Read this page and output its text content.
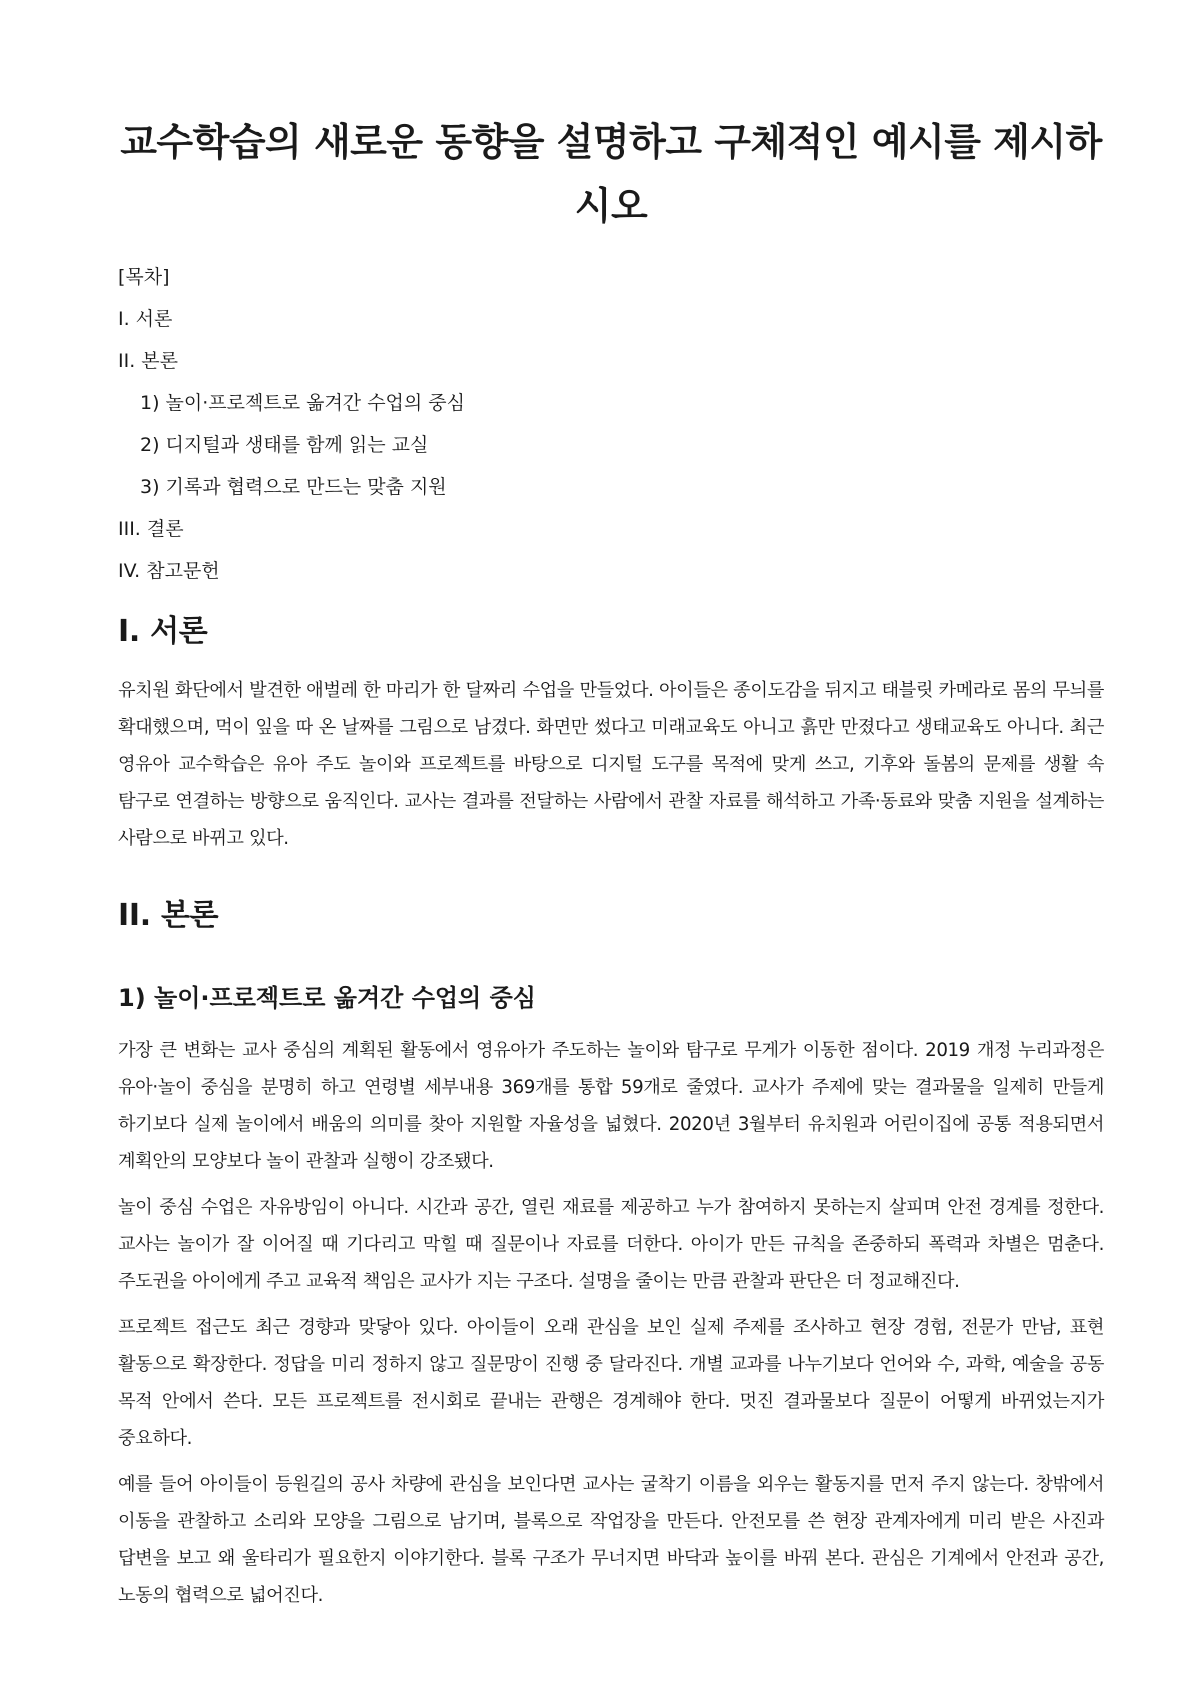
교수학습의 새로운 동향을 설명하고 구체적인 예시를 제시하시오
[목차]
I. 서론
II. 본론
1) 놀이·프로젝트로 옮겨간 수업의 중심
2) 디지털과 생태를 함께 읽는 교실
3) 기록과 협력으로 만드는 맞춤 지원
III. 결론
IV. 참고문헌
I. 서론

유치원 화단에서 발견한 애벌레 한 마리가 한 달짜리 수업을 만들었다. 아이들은 종이도감을 뒤지고 태블릿 카메라로 몸의 무늬를 확대했으며, 먹이 잎을 따 온 날짜를 그림으로 남겼다. 화면만 썼다고 미래교육도 아니고 흙만 만졌다고 생태교육도 아니다. 최근 영유아 교수학습은 유아 주도 놀이와 프로젝트를 바탕으로 디지털 도구를 목적에 맞게 쓰고, 기후와 돌봄의 문제를 생활 속 탐구로 연결하는 방향으로 움직인다. 교사는 결과를 전달하는 사람에서 관찰 자료를 해석하고 가족·동료와 맞춤 지원을 설계하는 사람으로 바뀌고 있다.

II. 본론
1) 놀이·프로젝트로 옮겨간 수업의 중심

가장 큰 변화는 교사 중심의 계획된 활동에서 영유아가 주도하는 놀이와 탐구로 무게가 이동한 점이다. 2019 개정 누리과정은 유아·놀이 중심을 분명히 하고 연령별 세부내용 369개를 통합 59개로 줄였다. 교사가 주제에 맞는 결과물을 일제히 만들게 하기보다 실제 놀이에서 배움의 의미를 찾아 지원할 자율성을 넓혔다. 2020년 3월부터 유치원과 어린이집에 공통 적용되면서 계획안의 모양보다 놀이 관찰과 실행이 강조됐다.

놀이 중심 수업은 자유방임이 아니다. 시간과 공간, 열린 재료를 제공하고 누가 참여하지 못하는지 살피며 안전 경계를 정한다. 교사는 놀이가 잘 이어질 때 기다리고 막힐 때 질문이나 자료를 더한다. 아이가 만든 규칙을 존중하되 폭력과 차별은 멈춘다. 주도권을 아이에게 주고 교육적 책임은 교사가 지는 구조다. 설명을 줄이는 만큼 관찰과 판단은 더 정교해진다.

프로젝트 접근도 최근 경향과 맞닿아 있다. 아이들이 오래 관심을 보인 실제 주제를 조사하고 현장 경험, 전문가 만남, 표현 활동으로 확장한다. 정답을 미리 정하지 않고 질문망이 진행 중 달라진다. 개별 교과를 나누기보다 언어와 수, 과학, 예술을 공동 목적 안에서 쓴다. 모든 프로젝트를 전시회로 끝내는 관행은 경계해야 한다. 멋진 결과물보다 질문이 어떻게 바뀌었는지가 중요하다.

예를 들어 아이들이 등원길의 공사 차량에 관심을 보인다면 교사는 굴착기 이름을 외우는 활동지를 먼저 주지 않는다. 창밖에서 이동을 관찰하고 소리와 모양을 그림으로 남기며, 블록으로 작업장을 만든다. 안전모를 쓴 현장 관계자에게 미리 받은 사진과 답변을 보고 왜 울타리가 필요한지 이야기한다. 블록 구조가 무너지면 바닥과 높이를 바꿔 본다. 관심은 기계에서 안전과 공간, 노동의 협력으로 넓어진다.
